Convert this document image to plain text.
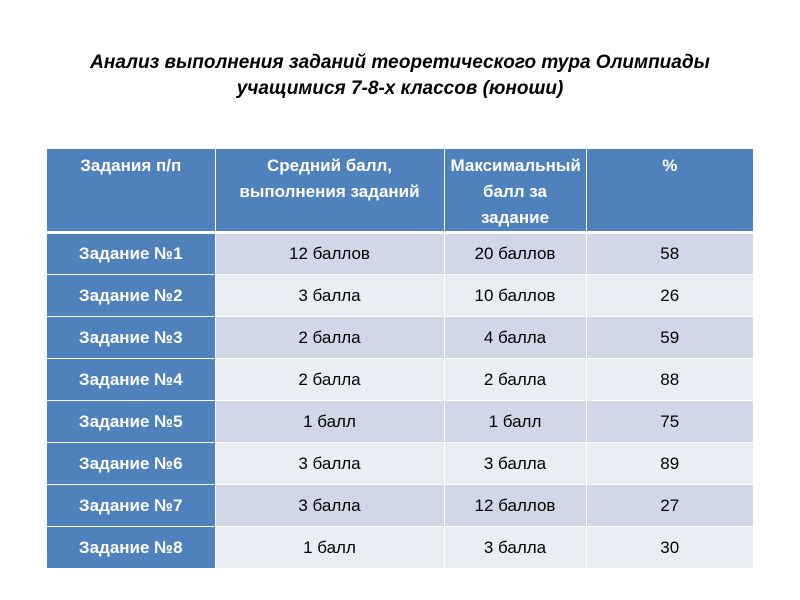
Анализ выполнения заданий теоретического тура Олимпиады
учащимися 7-8-х классов (юноши)
Задания п/п	Средний балл, выполнения заданий	Максимальный балл за задание	%
Задание №1	12 баллов	20 баллов	58
Задание №2	3 балла	10 баллов	26
Задание №3	2 балла	4 балла	59
Задание №4	2 балла	2 балла	88
Задание №5	1 балл	1 балл	75
Задание №6	3 балла	3 балла	89
Задание №7	3 балла	12 баллов	27
Задание №8	1 балл	3 балла	30
